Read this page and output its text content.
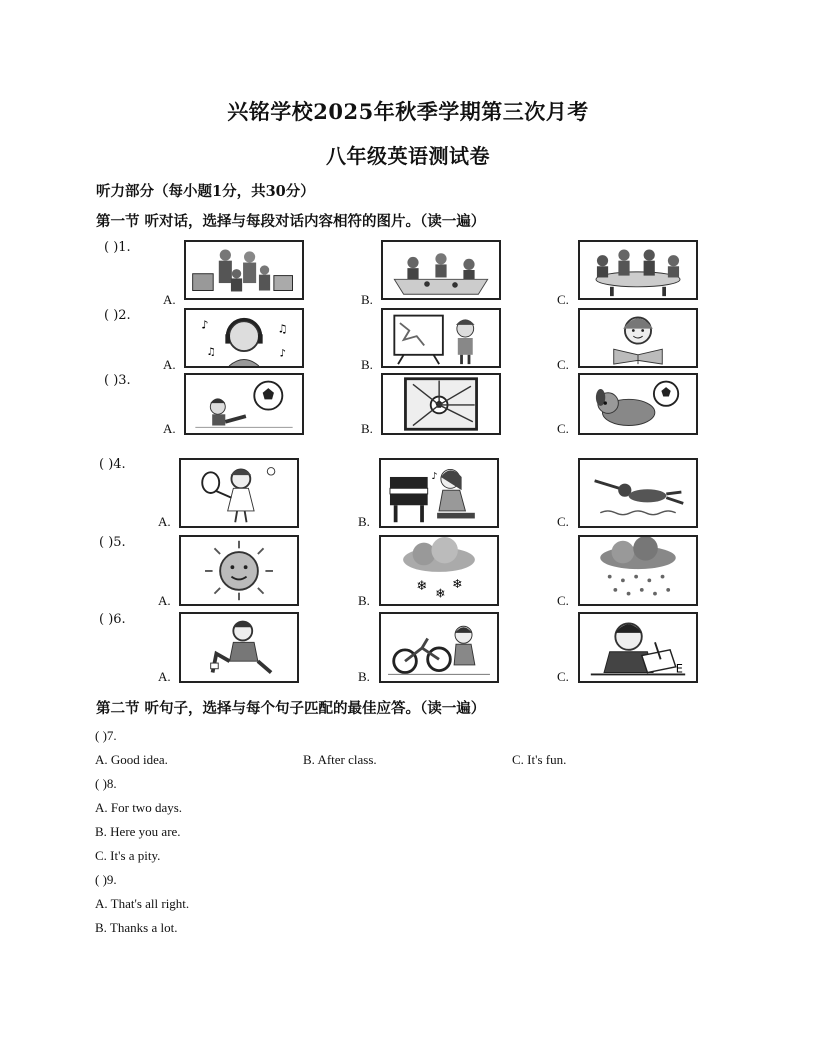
兴铭学校2025年秋季学期第三次月考
八年级英语测试卷
听力部分（每小题1分，共30分）
第一节 听对话，选择与每段对话内容相符的图片。（读一遍）
( )1.
A.	B.	C.
( )2.
A.
♪	♫
♫	♪
B.	C.
( )3.
A.	B.	C.
( )4.
A.	B.
♪
C.
( )5.
A.	B.
❄ ❄
❄
C.
( )6.
A.	B.	C.
E
第二节 听句子，选择与每个句子匹配的最佳应答。（读一遍）
( )7.
A. Good idea.	B. After class.	C. It's fun.
( )8.
A. For two days.
B. Here you are.
C. It's a pity.
( )9.
A. That's all right.
B. Thanks a lot.
